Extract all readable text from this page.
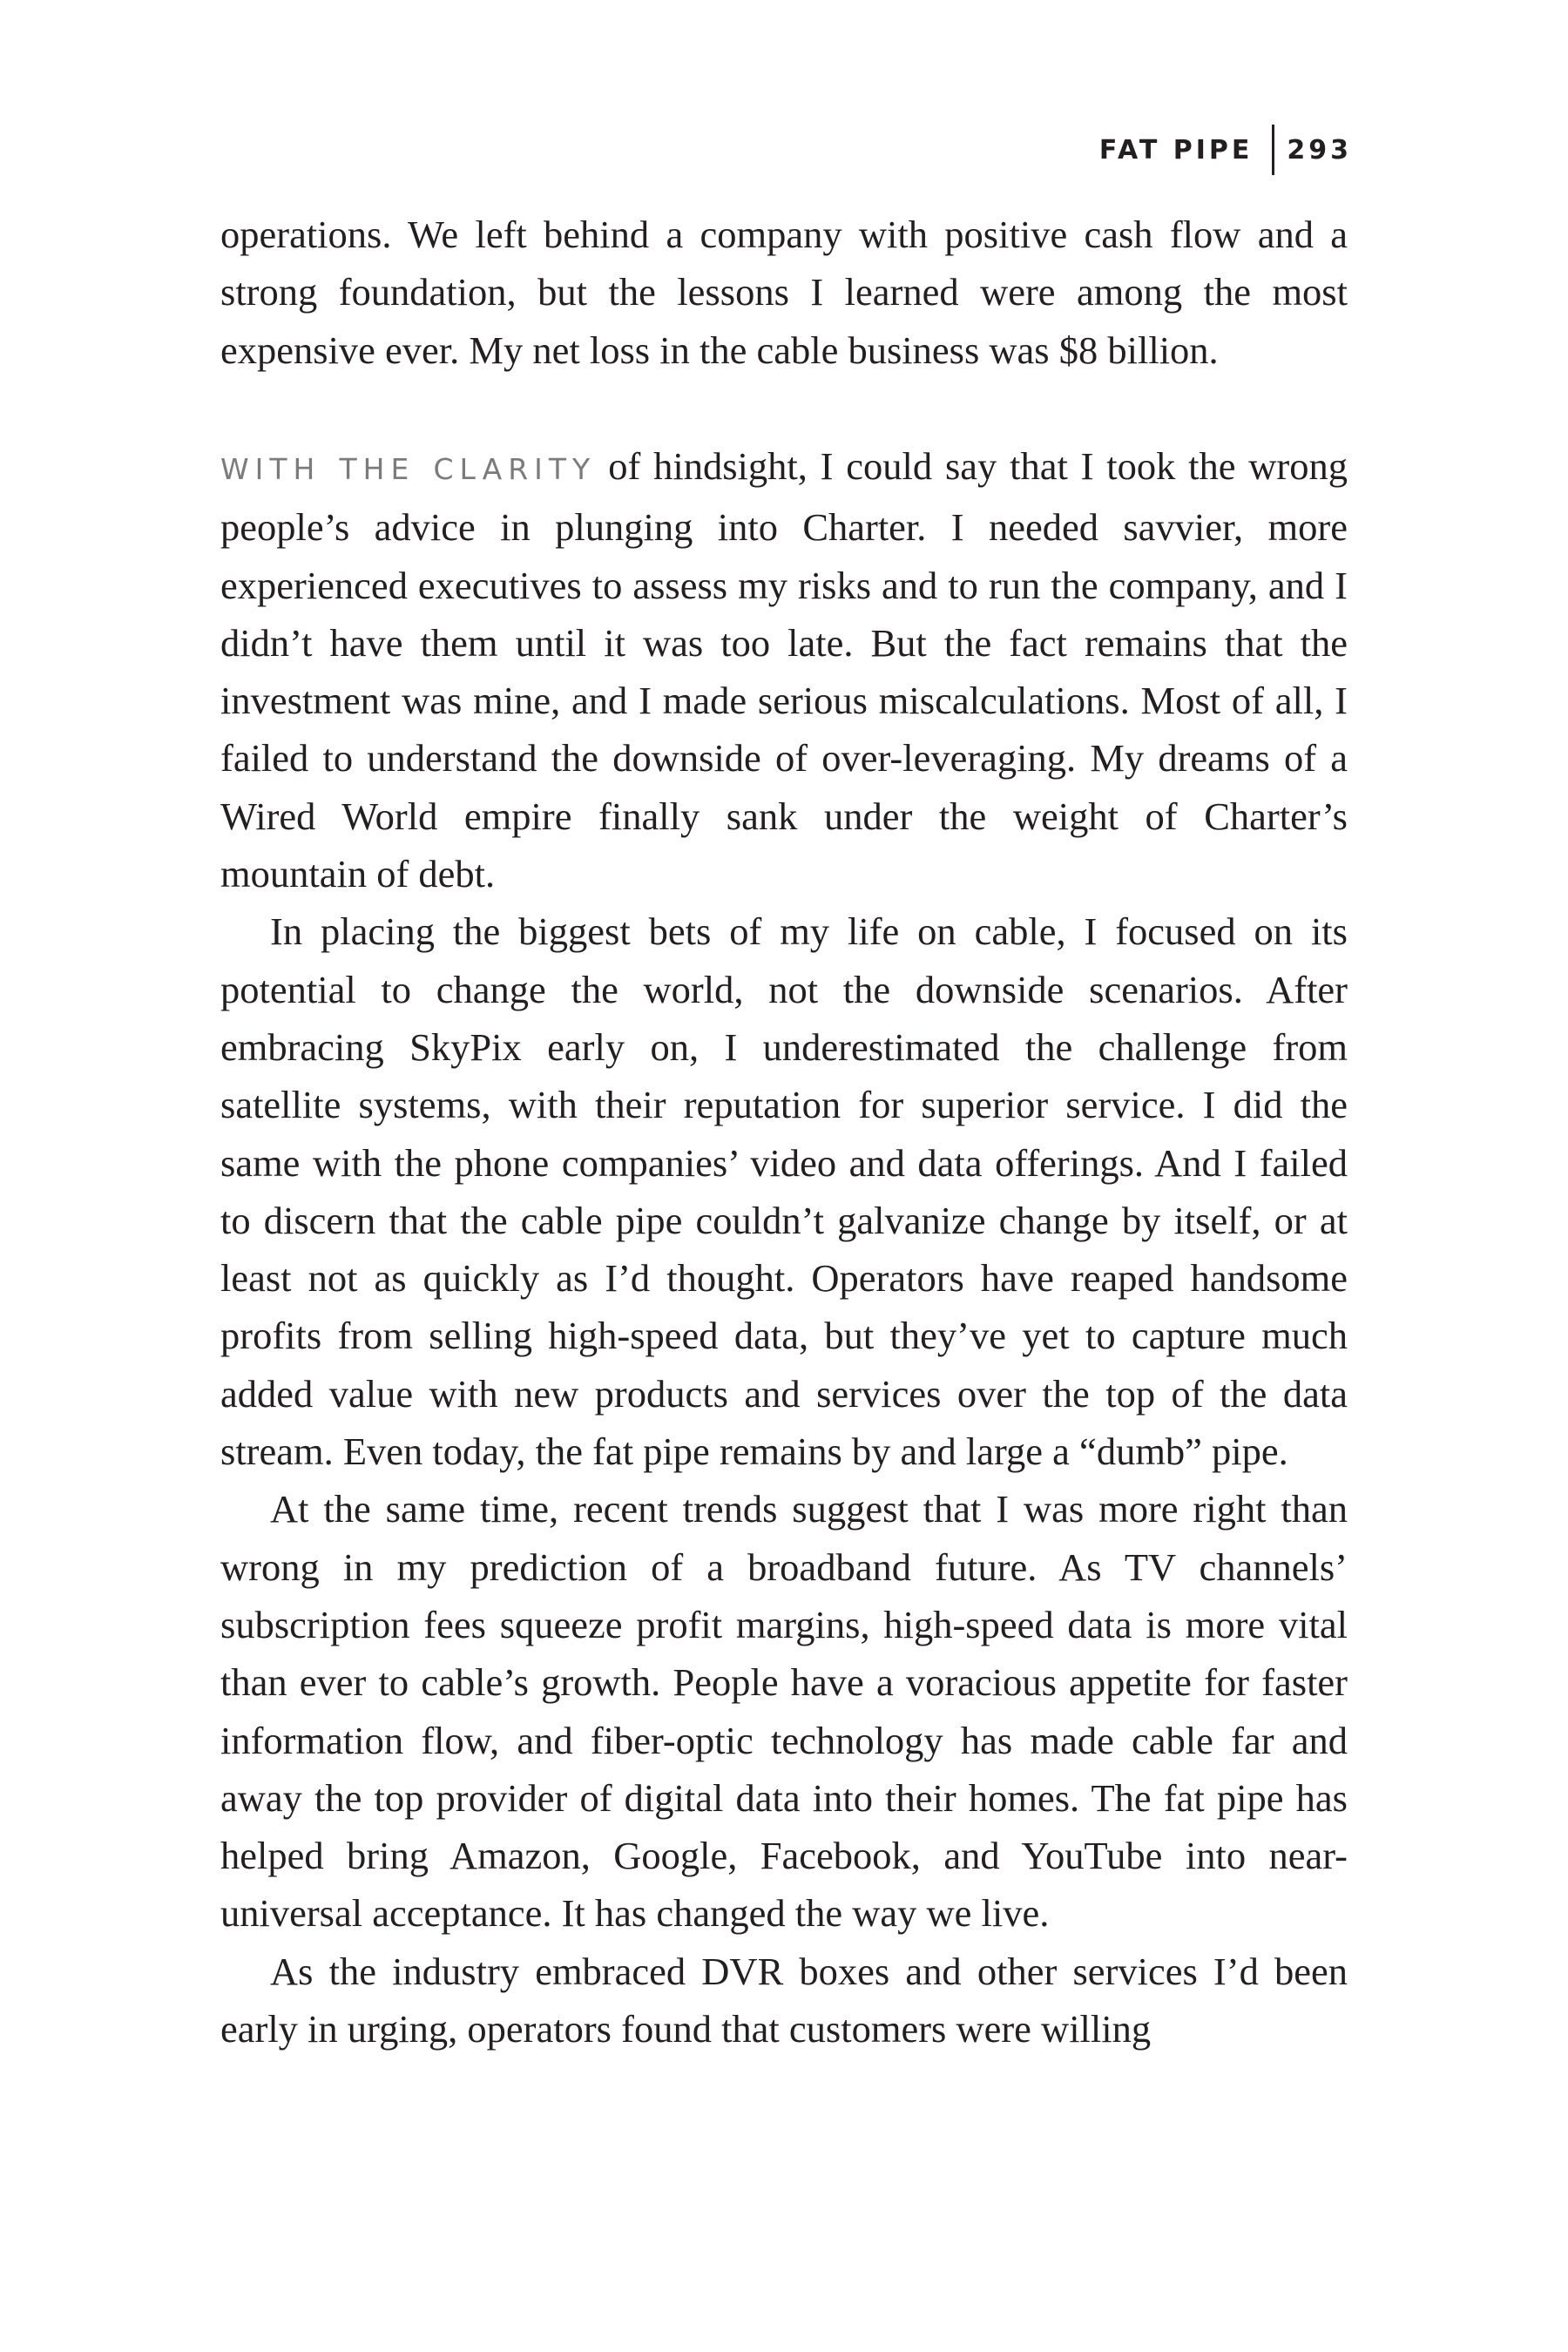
FAT PIPE	293

operations. We left behind a company with positive cash flow and a strong foundation, but the lessons I learned were among the most expensive ever. My net loss in the cable business was $8 billion.

WITH THE CLARITY of hindsight, I could say that I took the wrong people’s advice in plunging into Charter. I needed savvier, more experienced executives to assess my risks and to run the company, and I didn’t have them until it was too late. But the fact remains that the investment was mine, and I made serious miscalculations. Most of all, I failed to understand the downside of over-leveraging. My dreams of a Wired World empire finally sank under the weight of Charter’s mountain of debt.

In placing the biggest bets of my life on cable, I focused on its potential to change the world, not the downside scenarios. After embracing SkyPix early on, I underestimated the challenge from satellite systems, with their reputation for superior service. I did the same with the phone companies’ video and data offerings. And I failed to discern that the cable pipe couldn’t galvanize change by itself, or at least not as quickly as I’d thought. Operators have reaped handsome profits from selling high-speed data, but they’ve yet to capture much added value with new products and services over the top of the data stream. Even today, the fat pipe remains by and large a “dumb” pipe.

At the same time, recent trends suggest that I was more right than wrong in my prediction of a broadband future. As TV channels’ subscription fees squeeze profit margins, high-speed data is more vital than ever to cable’s growth. People have a voracious appetite for faster information flow, and fiber-optic technology has made cable far and away the top provider of digital data into their homes. The fat pipe has helped bring Amazon, Google, Facebook, and YouTube into near-universal acceptance. It has changed the way we live.

As the industry embraced DVR boxes and other services I’d been early in urging, operators found that customers were willing
